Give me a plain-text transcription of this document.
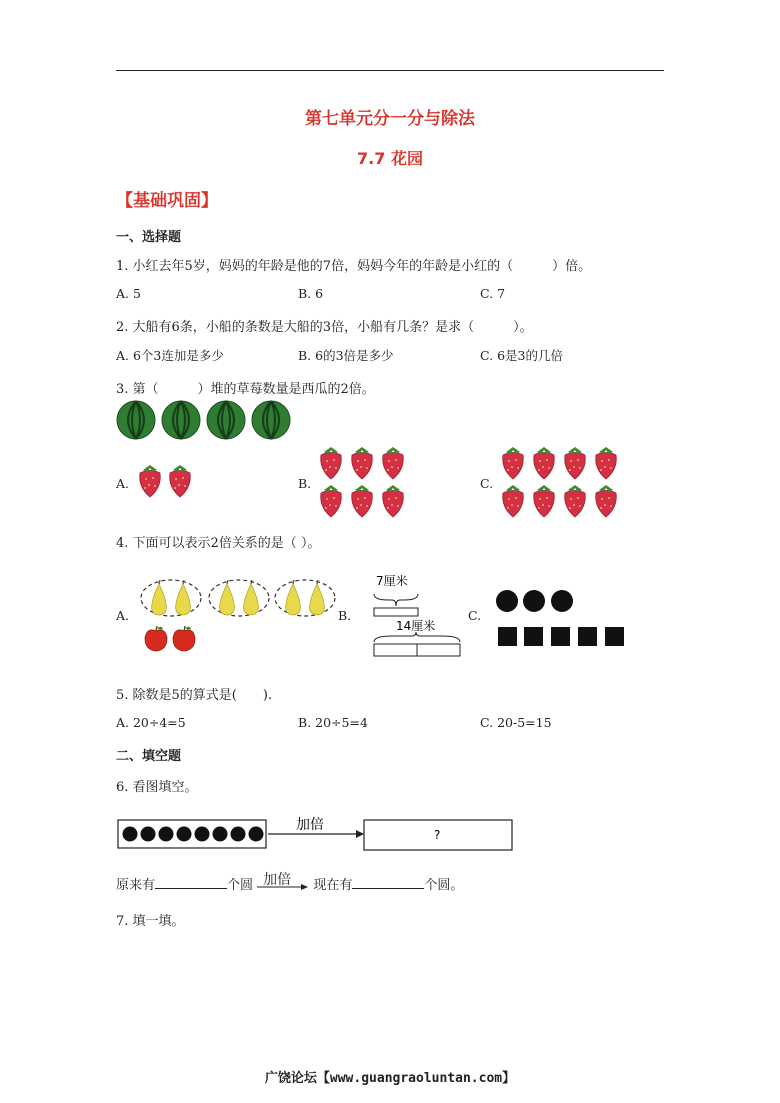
第七单元分一分与除法
7.7 花园
【基础巩固】
一、选择题
1. 小红去年5岁，妈妈的年龄是他的7倍，妈妈今年的年龄是小红的（　　　）倍。
A. 5	B. 6	C. 7
2. 大船有6条，小船的条数是大船的3倍，小船有几条？是求（　　　）。
A. 6个3连加是多少	B. 6的3倍是多少	C. 6是3的几倍
3. 第（　　　）堆的草莓数量是西瓜的2倍。
A.	B.	C.
4. 下面可以表示2倍关系的是（ ）。
A.	B.
7厘米
14厘米
C.
5. 除数是5的算式是(　　).
A. 20÷4=5	B. 20÷5=4	C. 20-5=15
二、填空题
6. 看图填空。
加倍
?
原来有	个圆 加倍 现在有	个圆。
7. 填一填。
广饶论坛【www.guangraoluntan.com】
